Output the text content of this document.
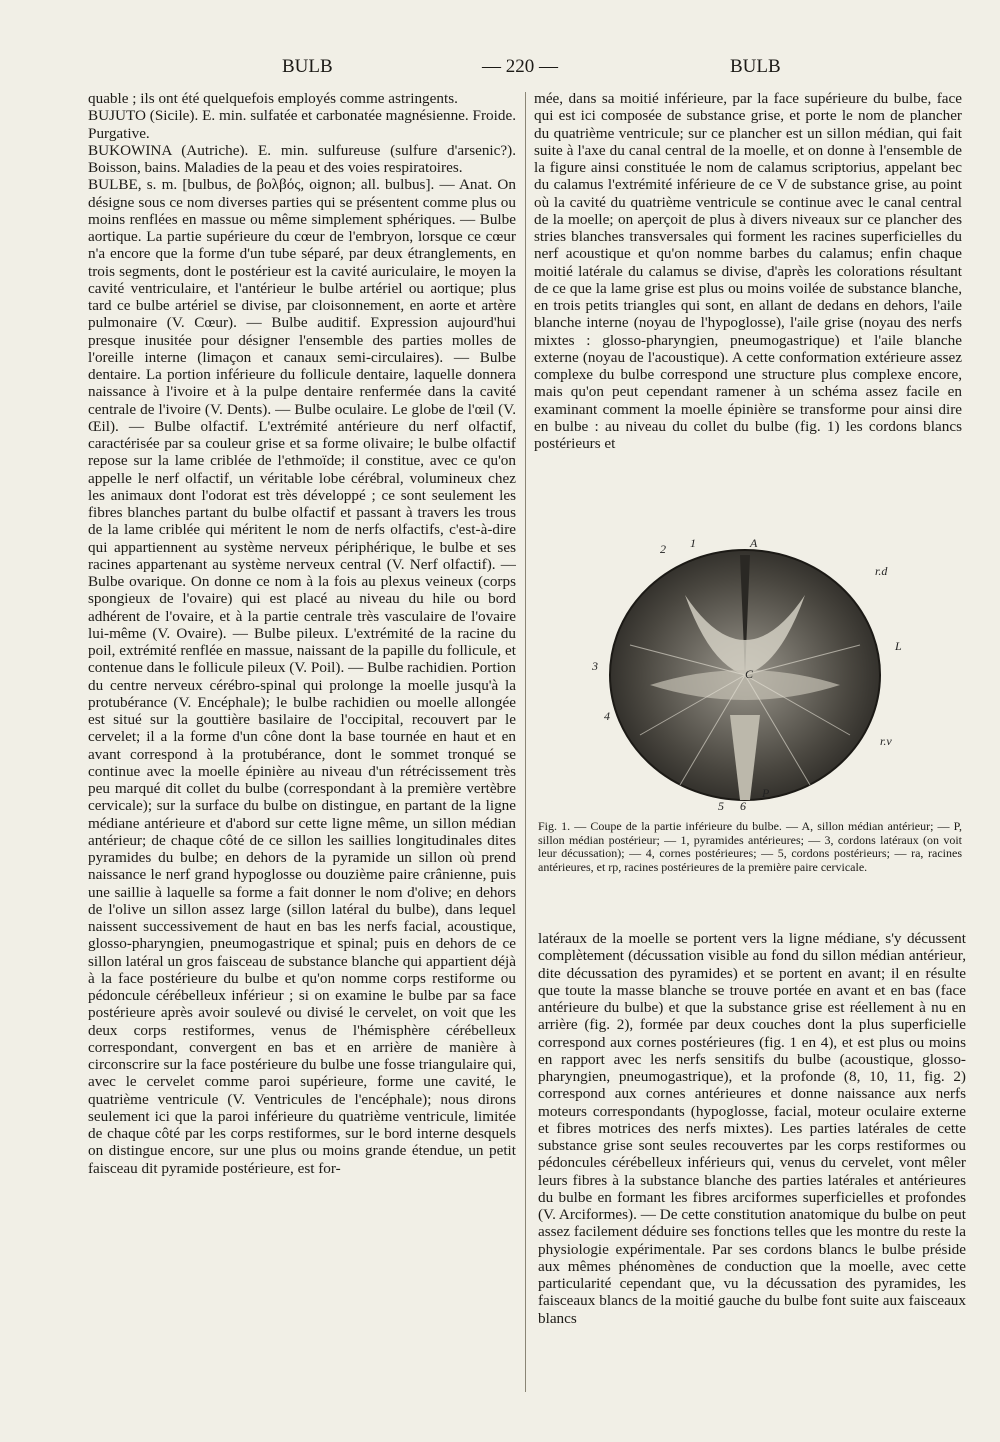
BULB	— 220 —	BULB

quable ; ils ont été quelquefois employés comme astringents.

BUJUTO (Sicile). E. min. sulfatée et carbonatée magnésienne. Froide. Purgative.

BUKOWINA (Autriche). E. min. sulfureuse (sulfure d'arsenic?). Boisson, bains. Maladies de la peau et des voies respiratoires.

BULBE, s. m. [bulbus, de βολβός, oignon; all. bulbus]. — Anat. On désigne sous ce nom diverses parties qui se présentent comme plus ou moins renflées en massue ou même simplement sphériques. — Bulbe aortique. La partie supérieure du cœur de l'embryon, lorsque ce cœur n'a encore que la forme d'un tube séparé, par deux étranglements, en trois segments, dont le postérieur est la cavité auriculaire, le moyen la cavité ventriculaire, et l'antérieur le bulbe artériel ou aortique; plus tard ce bulbe artériel se divise, par cloisonnement, en aorte et artère pulmonaire (V. Cœur). — Bulbe auditif. Expression aujourd'hui presque inusitée pour désigner l'ensemble des parties molles de l'oreille interne (limaçon et canaux semi-circulaires). — Bulbe dentaire. La portion inférieure du follicule dentaire, laquelle donnera naissance à l'ivoire et à la pulpe dentaire renfermée dans la cavité centrale de l'ivoire (V. Dents). — Bulbe oculaire. Le globe de l'œil (V. Œil). — Bulbe olfactif. L'extrémité antérieure du nerf olfactif, caractérisée par sa couleur grise et sa forme olivaire; le bulbe olfactif repose sur la lame criblée de l'ethmoïde; il constitue, avec ce qu'on appelle le nerf olfactif, un véritable lobe cérébral, volumineux chez les animaux dont l'odorat est très développé ; ce sont seulement les fibres blanches partant du bulbe olfactif et passant à travers les trous de la lame criblée qui méritent le nom de nerfs olfactifs, c'est-à-dire qui appartiennent au système nerveux périphérique, le bulbe et ses racines appartenant au système nerveux central (V. Nerf olfactif). — Bulbe ovarique. On donne ce nom à la fois au plexus veineux (corps spongieux de l'ovaire) qui est placé au niveau du hile ou bord adhérent de l'ovaire, et à la partie centrale très vasculaire de l'ovaire lui-même (V. Ovaire). — Bulbe pileux. L'extrémité de la racine du poil, extrémité renflée en massue, naissant de la papille du follicule, et contenue dans le follicule pileux (V. Poil). — Bulbe rachidien. Portion du centre nerveux cérébro-spinal qui prolonge la moelle jusqu'à la protubérance (V. Encéphale); le bulbe rachidien ou moelle allongée est situé sur la gouttière basilaire de l'occipital, recouvert par le cervelet; il a la forme d'un cône dont la base tournée en haut et en avant correspond à la protubérance, dont le sommet tronqué se continue avec la moelle épinière au niveau d'un rétrécissement très peu marqué dit collet du bulbe (correspondant à la première vertèbre cervicale); sur la surface du bulbe on distingue, en partant de la ligne médiane antérieure et d'abord sur cette ligne même, un sillon médian antérieur; de chaque côté de ce sillon les saillies longitudinales dites pyramides du bulbe; en dehors de la pyramide un sillon où prend naissance le nerf grand hypoglosse ou douzième paire crânienne, puis une saillie à laquelle sa forme a fait donner le nom d'olive; en dehors de l'olive un sillon assez large (sillon latéral du bulbe), dans lequel naissent successivement de haut en bas les nerfs facial, acoustique, glosso-pharyngien, pneumogastrique et spinal; puis en dehors de ce sillon latéral un gros faisceau de substance blanche qui appartient déjà à la face postérieure du bulbe et qu'on nomme corps restiforme ou pédoncule cérébelleux inférieur ; si on examine le bulbe par sa face postérieure après avoir soulevé ou divisé le cervelet, on voit que les deux corps restiformes, venus de l'hémisphère cérébelleux correspondant, convergent en bas et en arrière de manière à circonscrire sur la face postérieure du bulbe une fosse triangulaire qui, avec le cervelet comme paroi supérieure, forme une cavité, le quatrième ventricule (V. Ventricules de l'encéphale); nous dirons seulement ici que la paroi inférieure du quatrième ventricule, limitée de chaque côté par les corps restiformes, sur le bord interne desquels on distingue encore, sur une plus ou moins grande étendue, un petit faisceau dit pyramide postérieure, est for-

mée, dans sa moitié inférieure, par la face supérieure du bulbe, face qui est ici composée de substance grise, et porte le nom de plancher du quatrième ventricule; sur ce plancher est un sillon médian, qui fait suite à l'axe du canal central de la moelle, et on donne à l'ensemble de la figure ainsi constituée le nom de calamus scriptorius, appelant bec du calamus l'extrémité inférieure de ce V de substance grise, au point où la cavité du quatrième ventricule se continue avec le canal central de la moelle; on aperçoit de plus à divers niveaux sur ce plancher des stries blanches transversales qui forment les racines superficielles du nerf acoustique et qu'on nomme barbes du calamus; enfin chaque moitié latérale du calamus se divise, d'après les colorations résultant de ce que la lame grise est plus ou moins voilée de substance blanche, en trois petits triangles qui sont, en allant de dedans en dehors, l'aile blanche interne (noyau de l'hypoglosse), l'aile grise (noyau des nerfs mixtes : glosso-pharyngien, pneumogastrique) et l'aile blanche externe (noyau de l'acoustique). A cette conformation extérieure assez complexe du bulbe correspond une structure plus complexe encore, mais qu'on peut cependant ramener à un schéma assez facile en examinant comment la moelle épinière se transforme pour ainsi dire en bulbe : au niveau du collet du bulbe (fig. 1) les cordons blancs postérieurs et

A
1
2
r.d
L
3
C
4
r.v
5 6
P
Fig. 1. — Coupe de la partie inférieure du bulbe. — A, sillon médian antérieur; — P, sillon médian postérieur; — 1, pyramides antérieures; — 3, cordons latéraux (on voit leur décussation); — 4, cornes postérieures; — 5, cordons postérieurs; — ra, racines antérieures, et rp, racines postérieures de la première paire cervicale.

latéraux de la moelle se portent vers la ligne médiane, s'y décussent complètement (décussation visible au fond du sillon médian antérieur, dite décussation des pyramides) et se portent en avant; il en résulte que toute la masse blanche se trouve portée en avant et en bas (face antérieure du bulbe) et que la substance grise est réellement à nu en arrière (fig. 2), formée par deux couches dont la plus superficielle correspond aux cornes postérieures (fig. 1 en 4), et est plus ou moins en rapport avec les nerfs sensitifs du bulbe (acoustique, glosso-pharyngien, pneumogastrique), et la profonde (8, 10, 11, fig. 2) correspond aux cornes antérieures et donne naissance aux nerfs moteurs correspondants (hypoglosse, facial, moteur oculaire externe et fibres motrices des nerfs mixtes). Les parties latérales de cette substance grise sont seules recouvertes par les corps restiformes ou pédoncules cérébelleux inférieurs qui, venus du cervelet, vont mêler leurs fibres à la substance blanche des parties latérales et antérieures du bulbe en formant les fibres arciformes superficielles et profondes (V. Arciformes). — De cette constitution anatomique du bulbe on peut assez facilement déduire ses fonctions telles que les montre du reste la physiologie expérimentale. Par ses cordons blancs le bulbe préside aux mêmes phénomènes de conduction que la moelle, avec cette particularité cependant que, vu la décussation des pyramides, les faisceaux blancs de la moitié gauche du bulbe font suite aux faisceaux blancs
